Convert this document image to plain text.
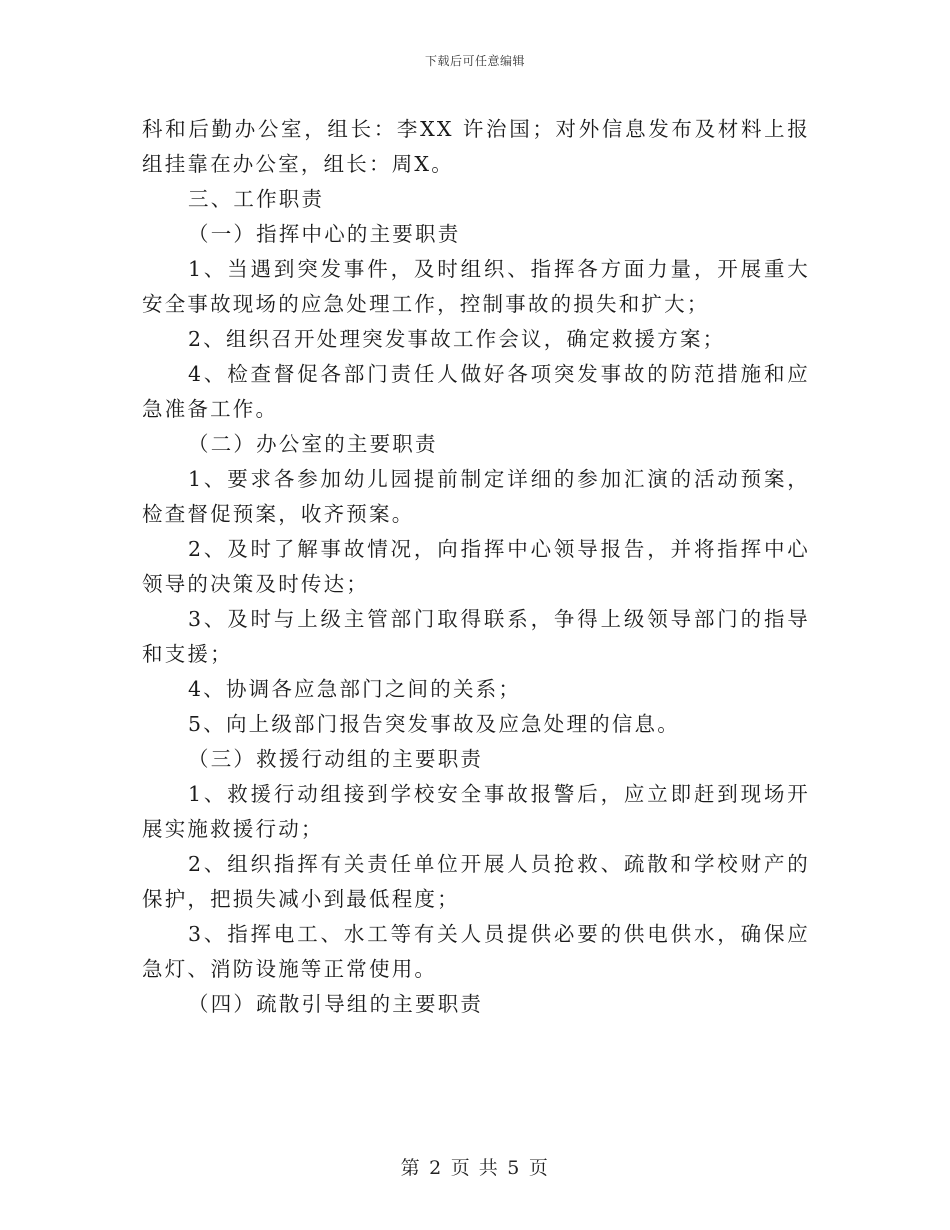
下载后可任意编辑

科和后勤办公室，组长：李XX 许治国；对外信息发布及材料上报组挂靠在办公室，组长：周X。

三、工作职责

（一）指挥中心的主要职责

1、当遇到突发事件，及时组织、指挥各方面力量，开展重大安全事故现场的应急处理工作，控制事故的损失和扩大；

2、组织召开处理突发事故工作会议，确定救援方案；

4、检查督促各部门责任人做好各项突发事故的防范措施和应急准备工作。

（二）办公室的主要职责

1、要求各参加幼儿园提前制定详细的参加汇演的活动预案，检查督促预案，收齐预案。

2、及时了解事故情况，向指挥中心领导报告，并将指挥中心领导的决策及时传达；

3、及时与上级主管部门取得联系，争得上级领导部门的指导和支援；

4、协调各应急部门之间的关系；

5、向上级部门报告突发事故及应急处理的信息。

（三）救援行动组的主要职责

1、救援行动组接到学校安全事故报警后，应立即赶到现场开展实施救援行动；

2、组织指挥有关责任单位开展人员抢救、疏散和学校财产的保护，把损失减小到最低程度；

3、指挥电工、水工等有关人员提供必要的供电供水，确保应急灯、消防设施等正常使用。

（四）疏散引导组的主要职责

第 2 页 共 5 页
